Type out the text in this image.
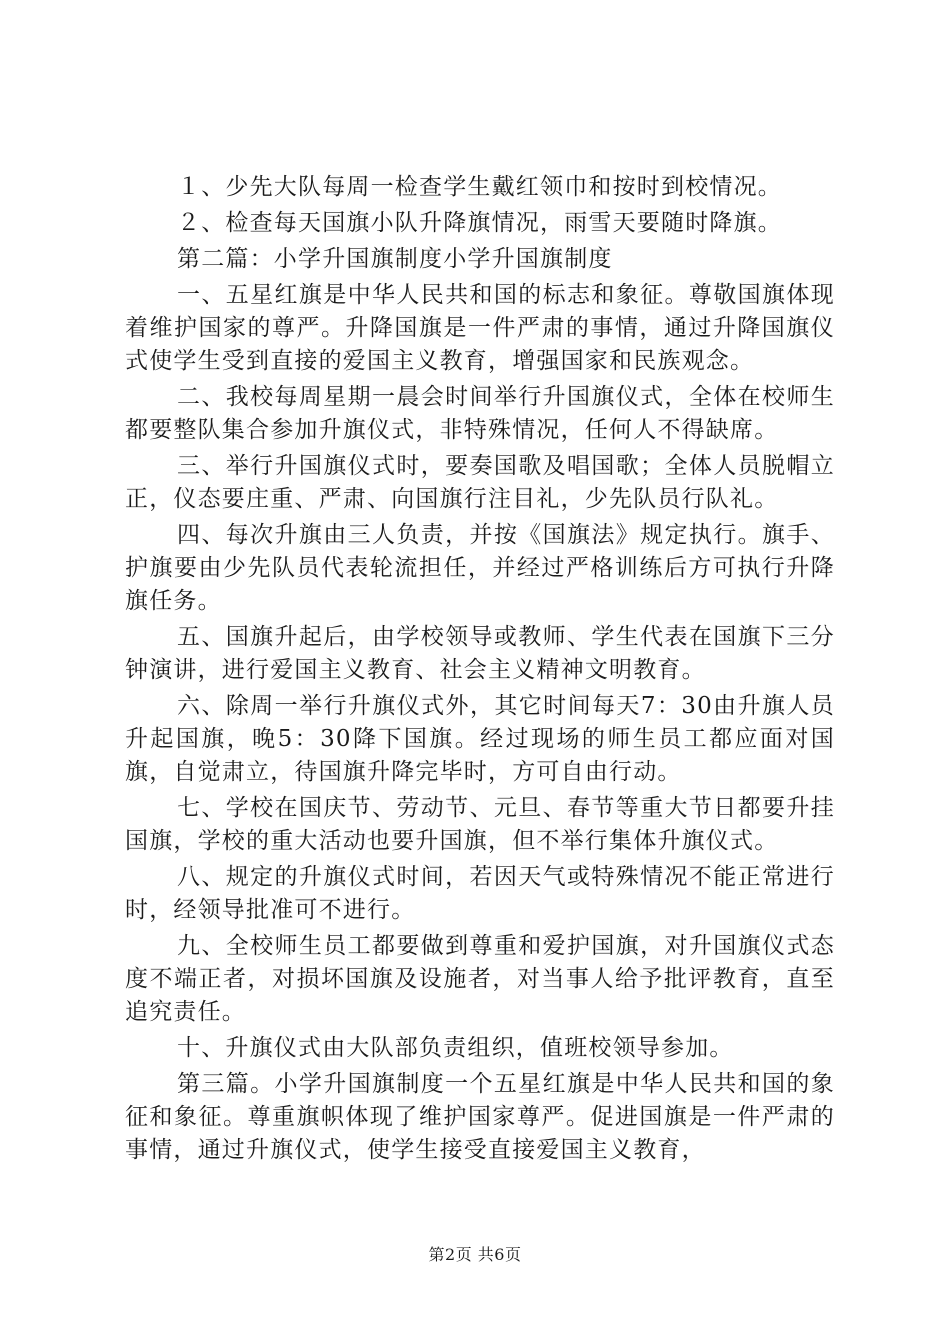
１、少先大队每周一检查学生戴红领巾和按时到校情况。

２、检查每天国旗小队升降旗情况，雨雪天要随时降旗。

第二篇：小学升国旗制度小学升国旗制度

一、五星红旗是中华人民共和国的标志和象征。尊敬国旗体现着维护国家的尊严。升降国旗是一件严肃的事情，通过升降国旗仪式使学生受到直接的爱国主义教育，增强国家和民族观念。

二、我校每周星期一晨会时间举行升国旗仪式，全体在校师生都要整队集合参加升旗仪式，非特殊情况，任何人不得缺席。

三、举行升国旗仪式时，要奏国歌及唱国歌；全体人员脱帽立正，仪态要庄重、严肃、向国旗行注目礼，少先队员行队礼。

四、每次升旗由三人负责，并按《国旗法》规定执行。旗手、护旗要由少先队员代表轮流担任，并经过严格训练后方可执行升降旗任务。

五、国旗升起后，由学校领导或教师、学生代表在国旗下三分钟演讲，进行爱国主义教育、社会主义精神文明教育。

六、除周一举行升旗仪式外，其它时间每天7：30由升旗人员升起国旗，晚5：30降下国旗。经过现场的师生员工都应面对国旗，自觉肃立，待国旗升降完毕时，方可自由行动。

七、学校在国庆节、劳动节、元旦、春节等重大节日都要升挂国旗，学校的重大活动也要升国旗，但不举行集体升旗仪式。

八、规定的升旗仪式时间，若因天气或特殊情况不能正常进行时，经领导批准可不进行。

九、全校师生员工都要做到尊重和爱护国旗，对升国旗仪式态度不端正者，对损坏国旗及设施者，对当事人给予批评教育，直至追究责任。

十、升旗仪式由大队部负责组织，值班校领导参加。

第三篇。小学升国旗制度一个五星红旗是中华人民共和国的象征和象征。尊重旗帜体现了维护国家尊严。促进国旗是一件严肃的事情，通过升旗仪式，使学生接受直接爱国主义教育，

第2页 共6页
